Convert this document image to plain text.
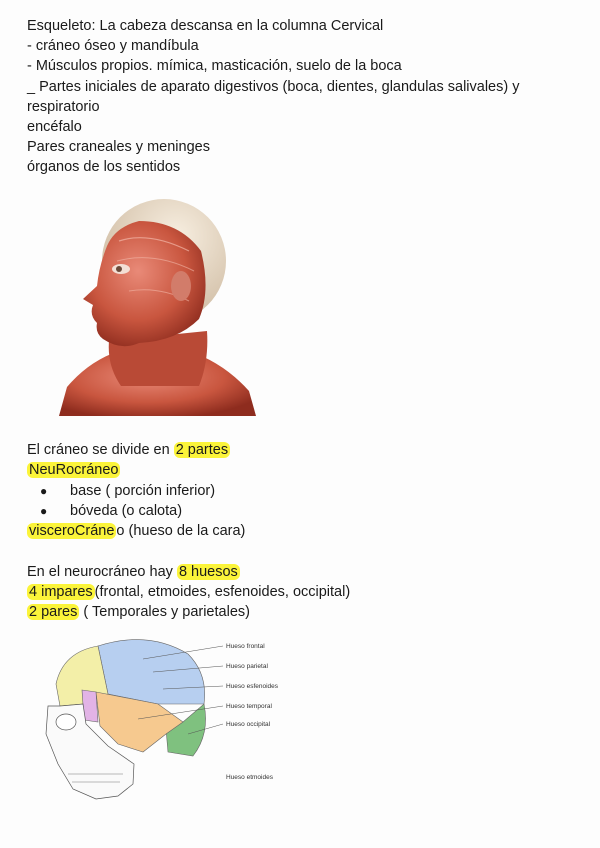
Esqueleto: La cabeza descansa en la columna Cervical
- cráneo óseo y mandíbula
- Músculos propios. mímica, masticación, suelo de la boca
_ Partes iniciales de aparato digestivos (boca, dientes, glandulas salivales) y
respiratorio
encéfalo
Pares craneales y meninges
órganos de los sentidos
El cráneo se divide en 2 partes
NeuRocráneo
● base ( porción inferior)
● bóveda (o calota)
visceroCráne o (hueso de la cara)
En el neurocráneo hay 8 huesos
4 impares (frontal, etmoides, esfenoides, occipital)
2 pares ( Temporales y parietales)
Hueso frontal
Hueso parietal
Hueso esfenoides
Hueso temporal
Hueso occipital
Hueso etmoides
